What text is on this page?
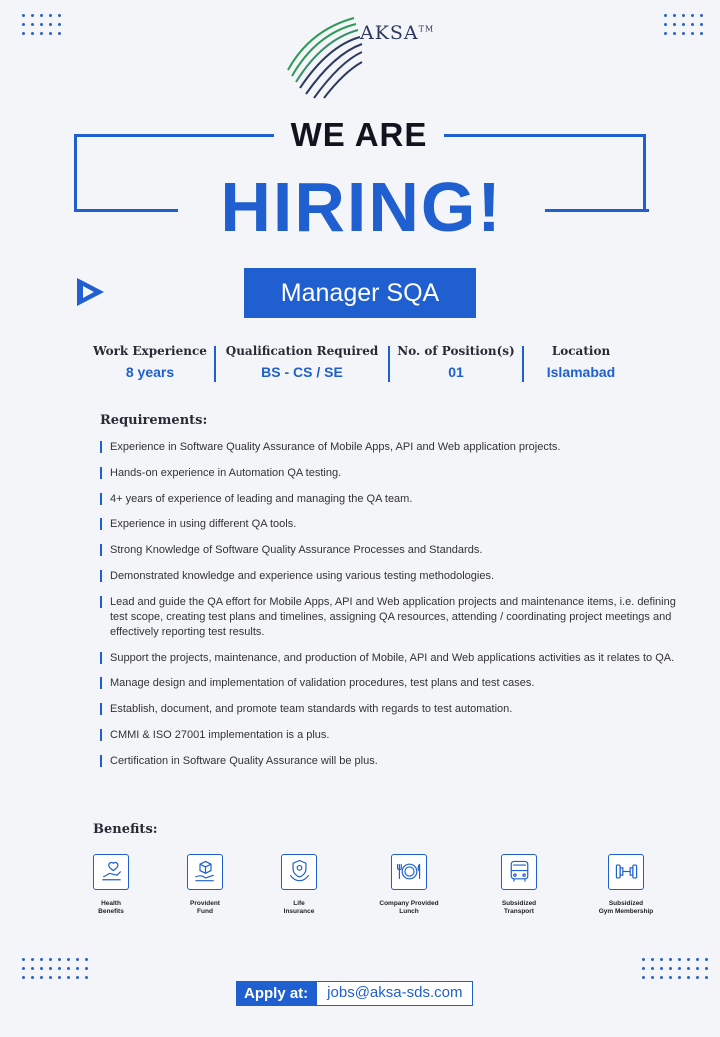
AKSA™
WE ARE
HIRING!
Manager SQA
Work Experience
8 years
Qualification Required
BS - CS / SE
No. of Position(s)
01
Location
Islamabad
Requirements:
Experience in Software Quality Assurance of Mobile Apps, API and Web application projects.
Hands-on experience in Automation QA testing.
4+ years of experience of leading and managing the QA team.
Experience in using different QA tools.
Strong Knowledge of Software Quality Assurance Processes and Standards.
Demonstrated knowledge and experience using various testing methodologies.
Lead and guide the QA effort for Mobile Apps, API and Web application projects and maintenance items, i.e. defining test scope, creating test plans and timelines, assigning QA resources, attending / coordinating project meetings and effectively reporting test results.
Support the projects, maintenance, and production of Mobile, API and Web applications activities as it relates to QA.
Manage design and implementation of validation procedures, test plans and test cases.
Establish, document, and promote team standards with regards to test automation.
CMMI & ISO 27001 implementation is a plus.
Certification in Software Quality Assurance will be plus.
Benefits:
Health
Benefits
Provident
Fund
Life
Insurance
Company Provided
Lunch
Subsidized
Transport
Subsidized
Gym Membership
Apply at:	jobs@aksa-sds.com
